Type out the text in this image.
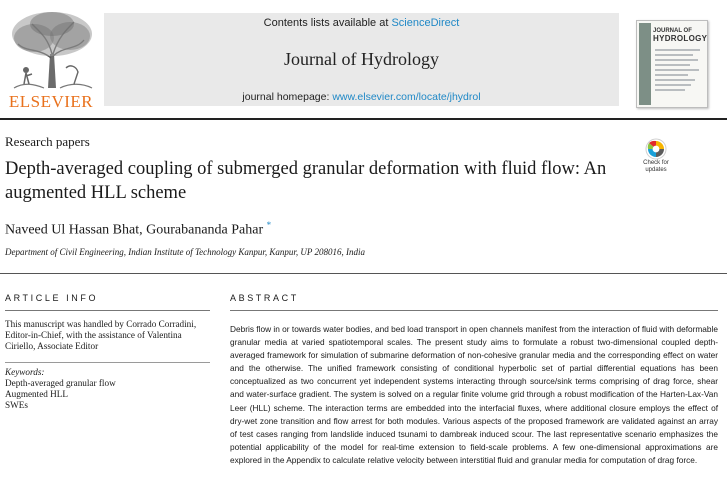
ELSEVIER
Contents lists available at ScienceDirect
Journal of Hydrology
journal homepage: www.elsevier.com/locate/jhydrol
JOURNAL OF
HYDROLOGY
Research papers
Depth-averaged coupling of submerged granular deformation with fluid flow: An augmented HLL scheme
Check for updates
Naveed Ul Hassan Bhat, Gourabananda Pahar *
Department of Civil Engineering, Indian Institute of Technology Kanpur, Kanpur, UP 208016, India
ARTICLE INFO
This manuscript was handled by Corrado Corradini, Editor-in-Chief, with the assistance of Valentina Ciriello, Associate Editor
Keywords:
Depth-averaged granular flow
Augmented HLL
SWEs
ABSTRACT
Debris flow in or towards water bodies, and bed load transport in open channels manifest from the interaction of fluid with deformable granular media at varied spatiotemporal scales. The present study aims to formulate a robust two-dimensional coupled depth-averaged framework for simulation of submarine deformation of non-cohesive granular media and the corresponding effect on water and the otherwise. The unified framework consisting of conditional hyperbolic set of partial differential equations has been conceptualized as two concurrent yet independent systems interacting through source/sink terms comprising of drag force, shear and water-surface gradient. The system is solved on a regular finite volume grid through a robust modification of the Harten-Lax-Van Leer (HLL) scheme. The interaction terms are embedded into the interfacial fluxes, where additional closure employs the effect of dry-wet zone transition and flow arrest for both modules. Various aspects of the proposed framework are validated against an array of test cases ranging from landslide induced tsunami to dambreak induced scour. The last representative scenario emphasizes the potential applicability of the model for real-time extension to field-scale problems. A few one-dimensional approximations are explored in the Appendix to calculate relative velocity between interstitial fluid and granular media for computation of drag force.
